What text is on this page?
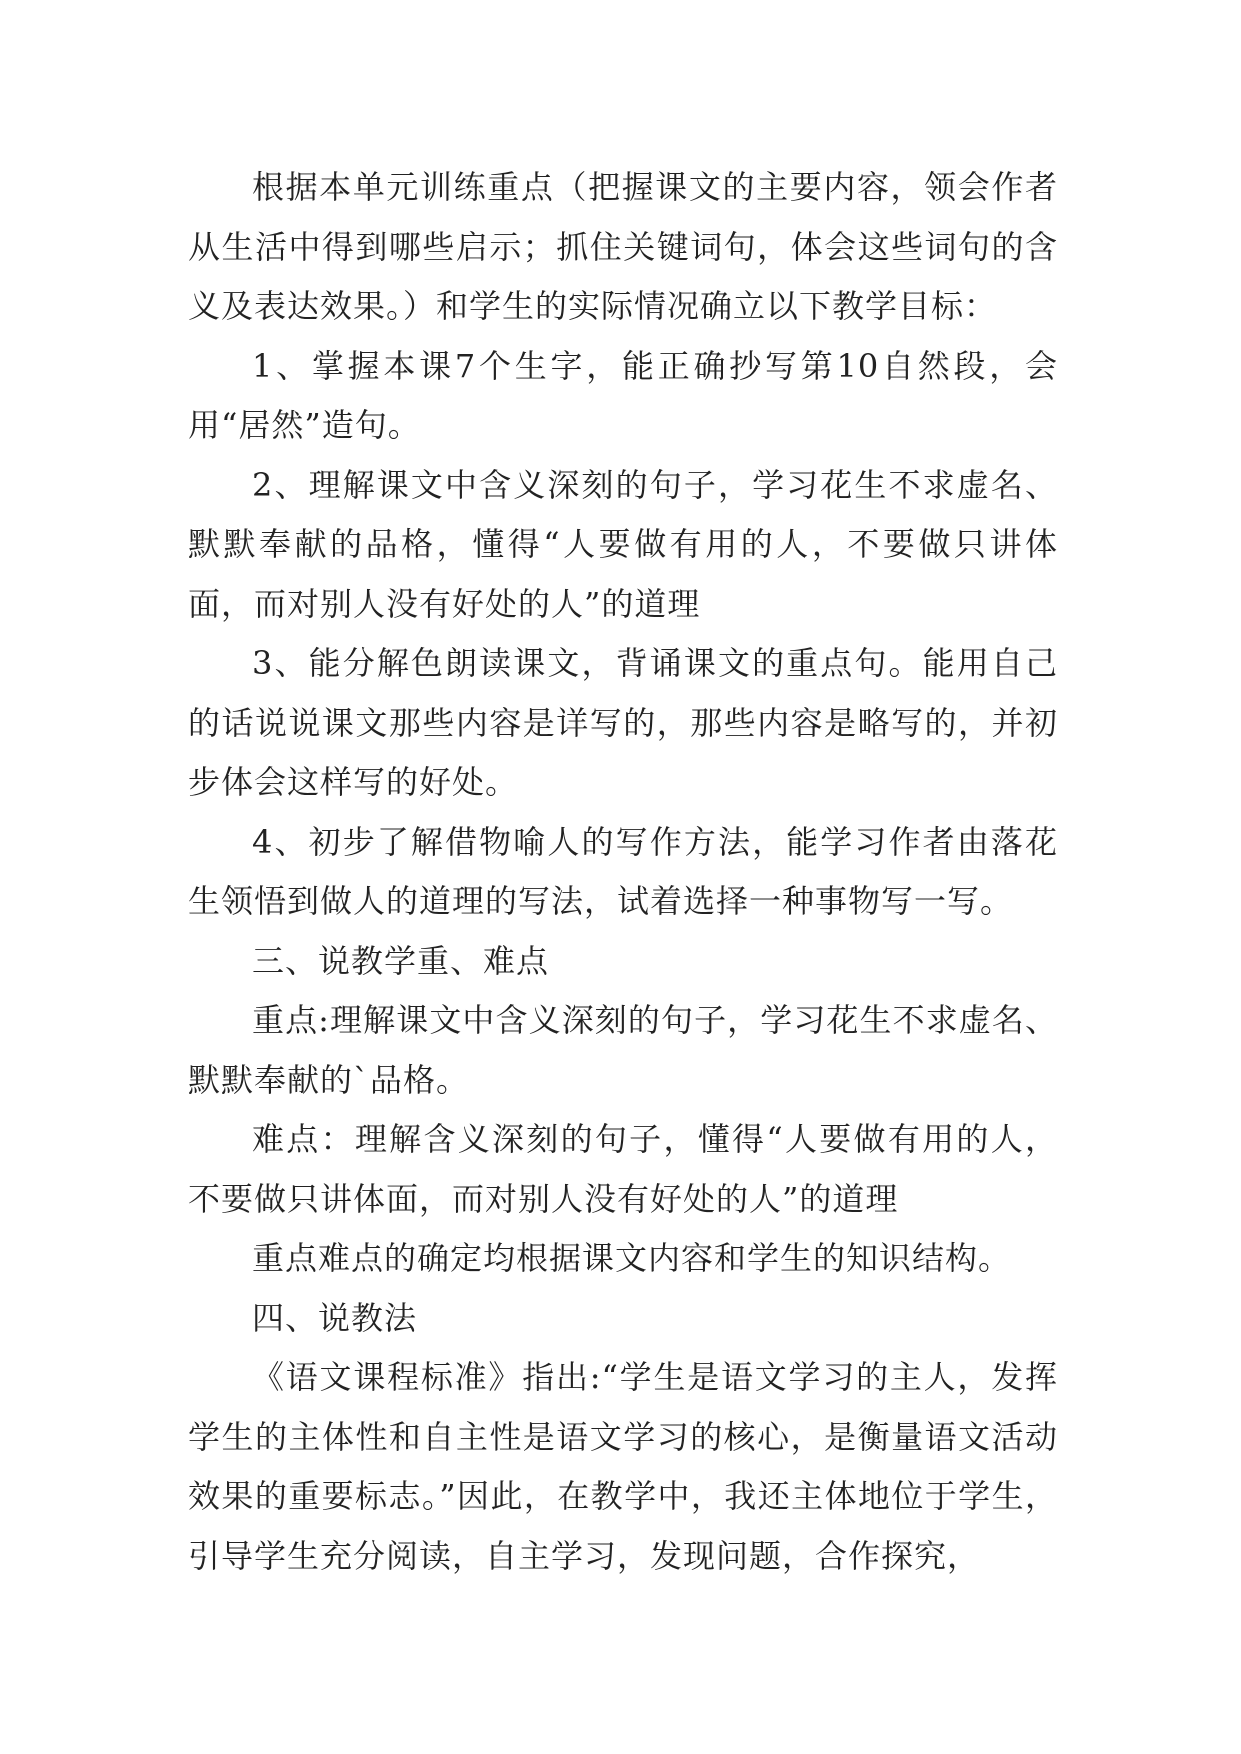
根据本单元训练重点（把握课文的主要内容，领会作者从生活中得到哪些启示；抓住关键词句，体会这些词句的含义及表达效果。）和学生的实际情况确立以下教学目标：

1、掌握本课7个生字，能正确抄写第10自然段，会用“居然”造句。

2、理解课文中含义深刻的句子，学习花生不求虚名、默默奉献的品格，懂得“人要做有用的人，不要做只讲体面，而对别人没有好处的人”的道理

3、能分解色朗读课文，背诵课文的重点句。能用自己的话说说课文那些内容是详写的，那些内容是略写的，并初步体会这样写的好处。

4、初步了解借物喻人的写作方法，能学习作者由落花生领悟到做人的道理的写法，试着选择一种事物写一写。

三、说教学重、难点

重点:理解课文中含义深刻的句子，学习花生不求虚名、默默奉献的`品格。

难点：理解含义深刻的句子，懂得“人要做有用的人，不要做只讲体面，而对别人没有好处的人”的道理

重点难点的确定均根据课文内容和学生的知识结构。

四、说教法

《语文课程标准》指出:“学生是语文学习的主人，发挥学生的主体性和自主性是语文学习的核心，是衡量语文活动效果的重要标志。”因此，在教学中，我还主体地位于学生，引导学生充分阅读，自主学习，发现问题，合作探究，
